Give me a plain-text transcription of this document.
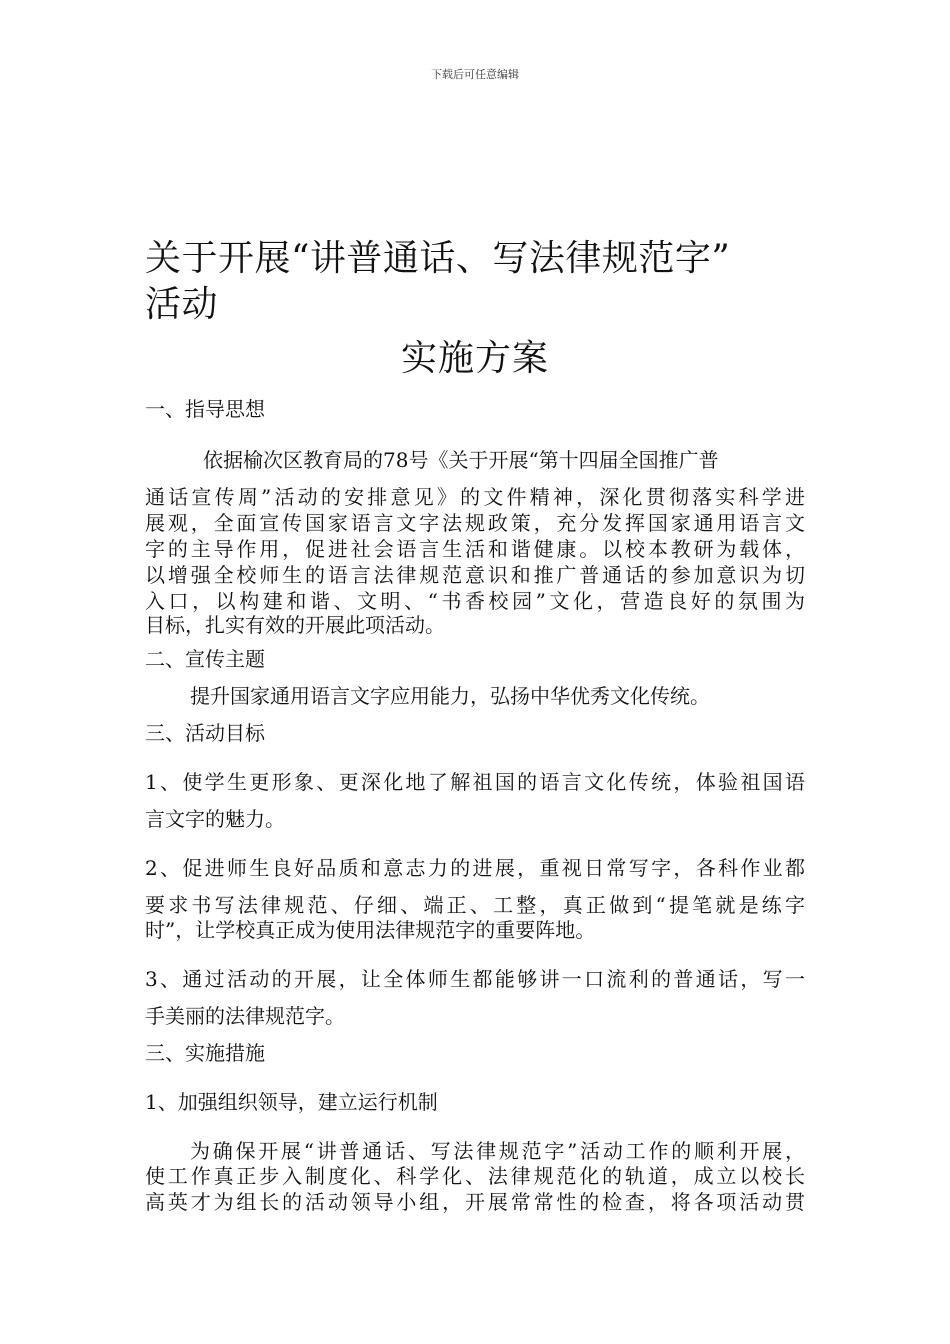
下载后可任意编辑
关于开展“讲普通话、写法律规范字”
活动
实施方案
一、指导思想
依据榆次区教育局的78号《关于开展“第十四届全国推广普
通话宣传周”活动的安排意见》的文件精神，深化贯彻落实科学进
展观，全面宣传国家语言文字法规政策，充分发挥国家通用语言文
字的主导作用，促进社会语言生活和谐健康。以校本教研为载体，
以增强全校师生的语言法律规范意识和推广普通话的参加意识为切
入口，以构建和谐、文明、“书香校园”文化，营造良好的氛围为
目标，扎实有效的开展此项活动。
二、宣传主题
提升国家通用语言文字应用能力，弘扬中华优秀文化传统。
三、活动目标
1、使学生更形象、更深化地了解祖国的语言文化传统，体验祖国语
言文字的魅力。
2、促进师生良好品质和意志力的进展，重视日常写字，各科作业都
要求书写法律规范、仔细、端正、工整，真正做到“提笔就是练字
时”，让学校真正成为使用法律规范字的重要阵地。
3、通过活动的开展，让全体师生都能够讲一口流利的普通话，写一
手美丽的法律规范字。
三、实施措施
1、加强组织领导，建立运行机制
为确保开展“讲普通话、写法律规范字”活动工作的顺利开展，
使工作真正步入制度化、科学化、法律规范化的轨道，成立以校长
高英才为组长的活动领导小组，开展常常性的检查，将各项活动贯
